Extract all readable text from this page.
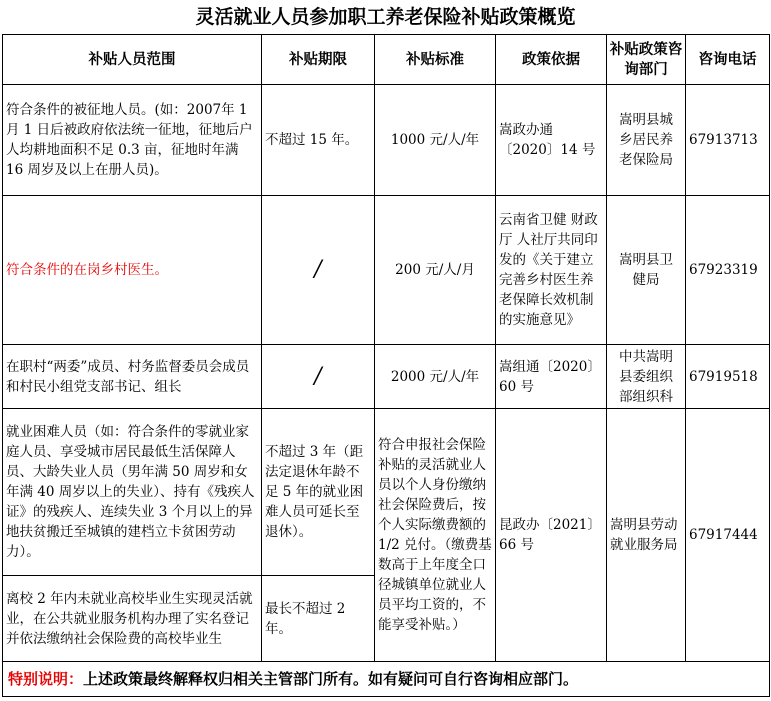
灵活就业人员参加职工养老保险补贴政策概览
补贴人员范围	补贴期限	补贴标准	政策依据	补贴政策咨询部门	咨询电话
符合条件的被征地人员。(如：2007年 1 月 1 日后被政府依法统一征地，征地后户人均耕地面积不足 0.3 亩，征地时年满 16 周岁及以上在册人员)。	不超过 15 年。	1000 元/人/年	嵩政办通〔2020〕14 号	嵩明县城乡居民养老保险局	67913713
符合条件的在岗乡村医生。	/	200 元/人/月	云南省卫健 财政厅 人社厅共同印发的《关于建立完善乡村医生养老保障长效机制的实施意见》	嵩明县卫健局	67923319
在职村“两委”成员、村务监督委员会成员和村民小组党支部书记、组长	/	2000 元/人/年	嵩组通〔2020〕60 号	中共嵩明县委组织部组织科	67919518
就业困难人员（如：符合条件的零就业家庭人员、享受城市居民最低生活保障人员、大龄失业人员（男年满 50 周岁和女年满 40 周岁以上的失业）、持有《残疾人证》的残疾人、连续失业 3 个月以上的异地扶贫搬迁至城镇的建档立卡贫困劳动力）。	不超过 3 年（距法定退休年龄不足 5 年的就业困难人员可延长至退休）。	符合申报社会保险补贴的灵活就业人员以个人身份缴纳社会保险费后，按个人实际缴费额的 1/2 兑付。（缴费基数高于上年度全口径城镇单位就业人员平均工资的，不能享受补贴。）	昆政办〔2021〕66 号	嵩明县劳动就业服务局	67917444
离校 2 年内未就业高校毕业生实现灵活就业，在公共就业服务机构办理了实名登记并依法缴纳社会保险费的高校毕业生	最长不超过 2 年。				
特别说明：上述政策最终解释权归相关主管部门所有。如有疑问可自行咨询相应部门。					
